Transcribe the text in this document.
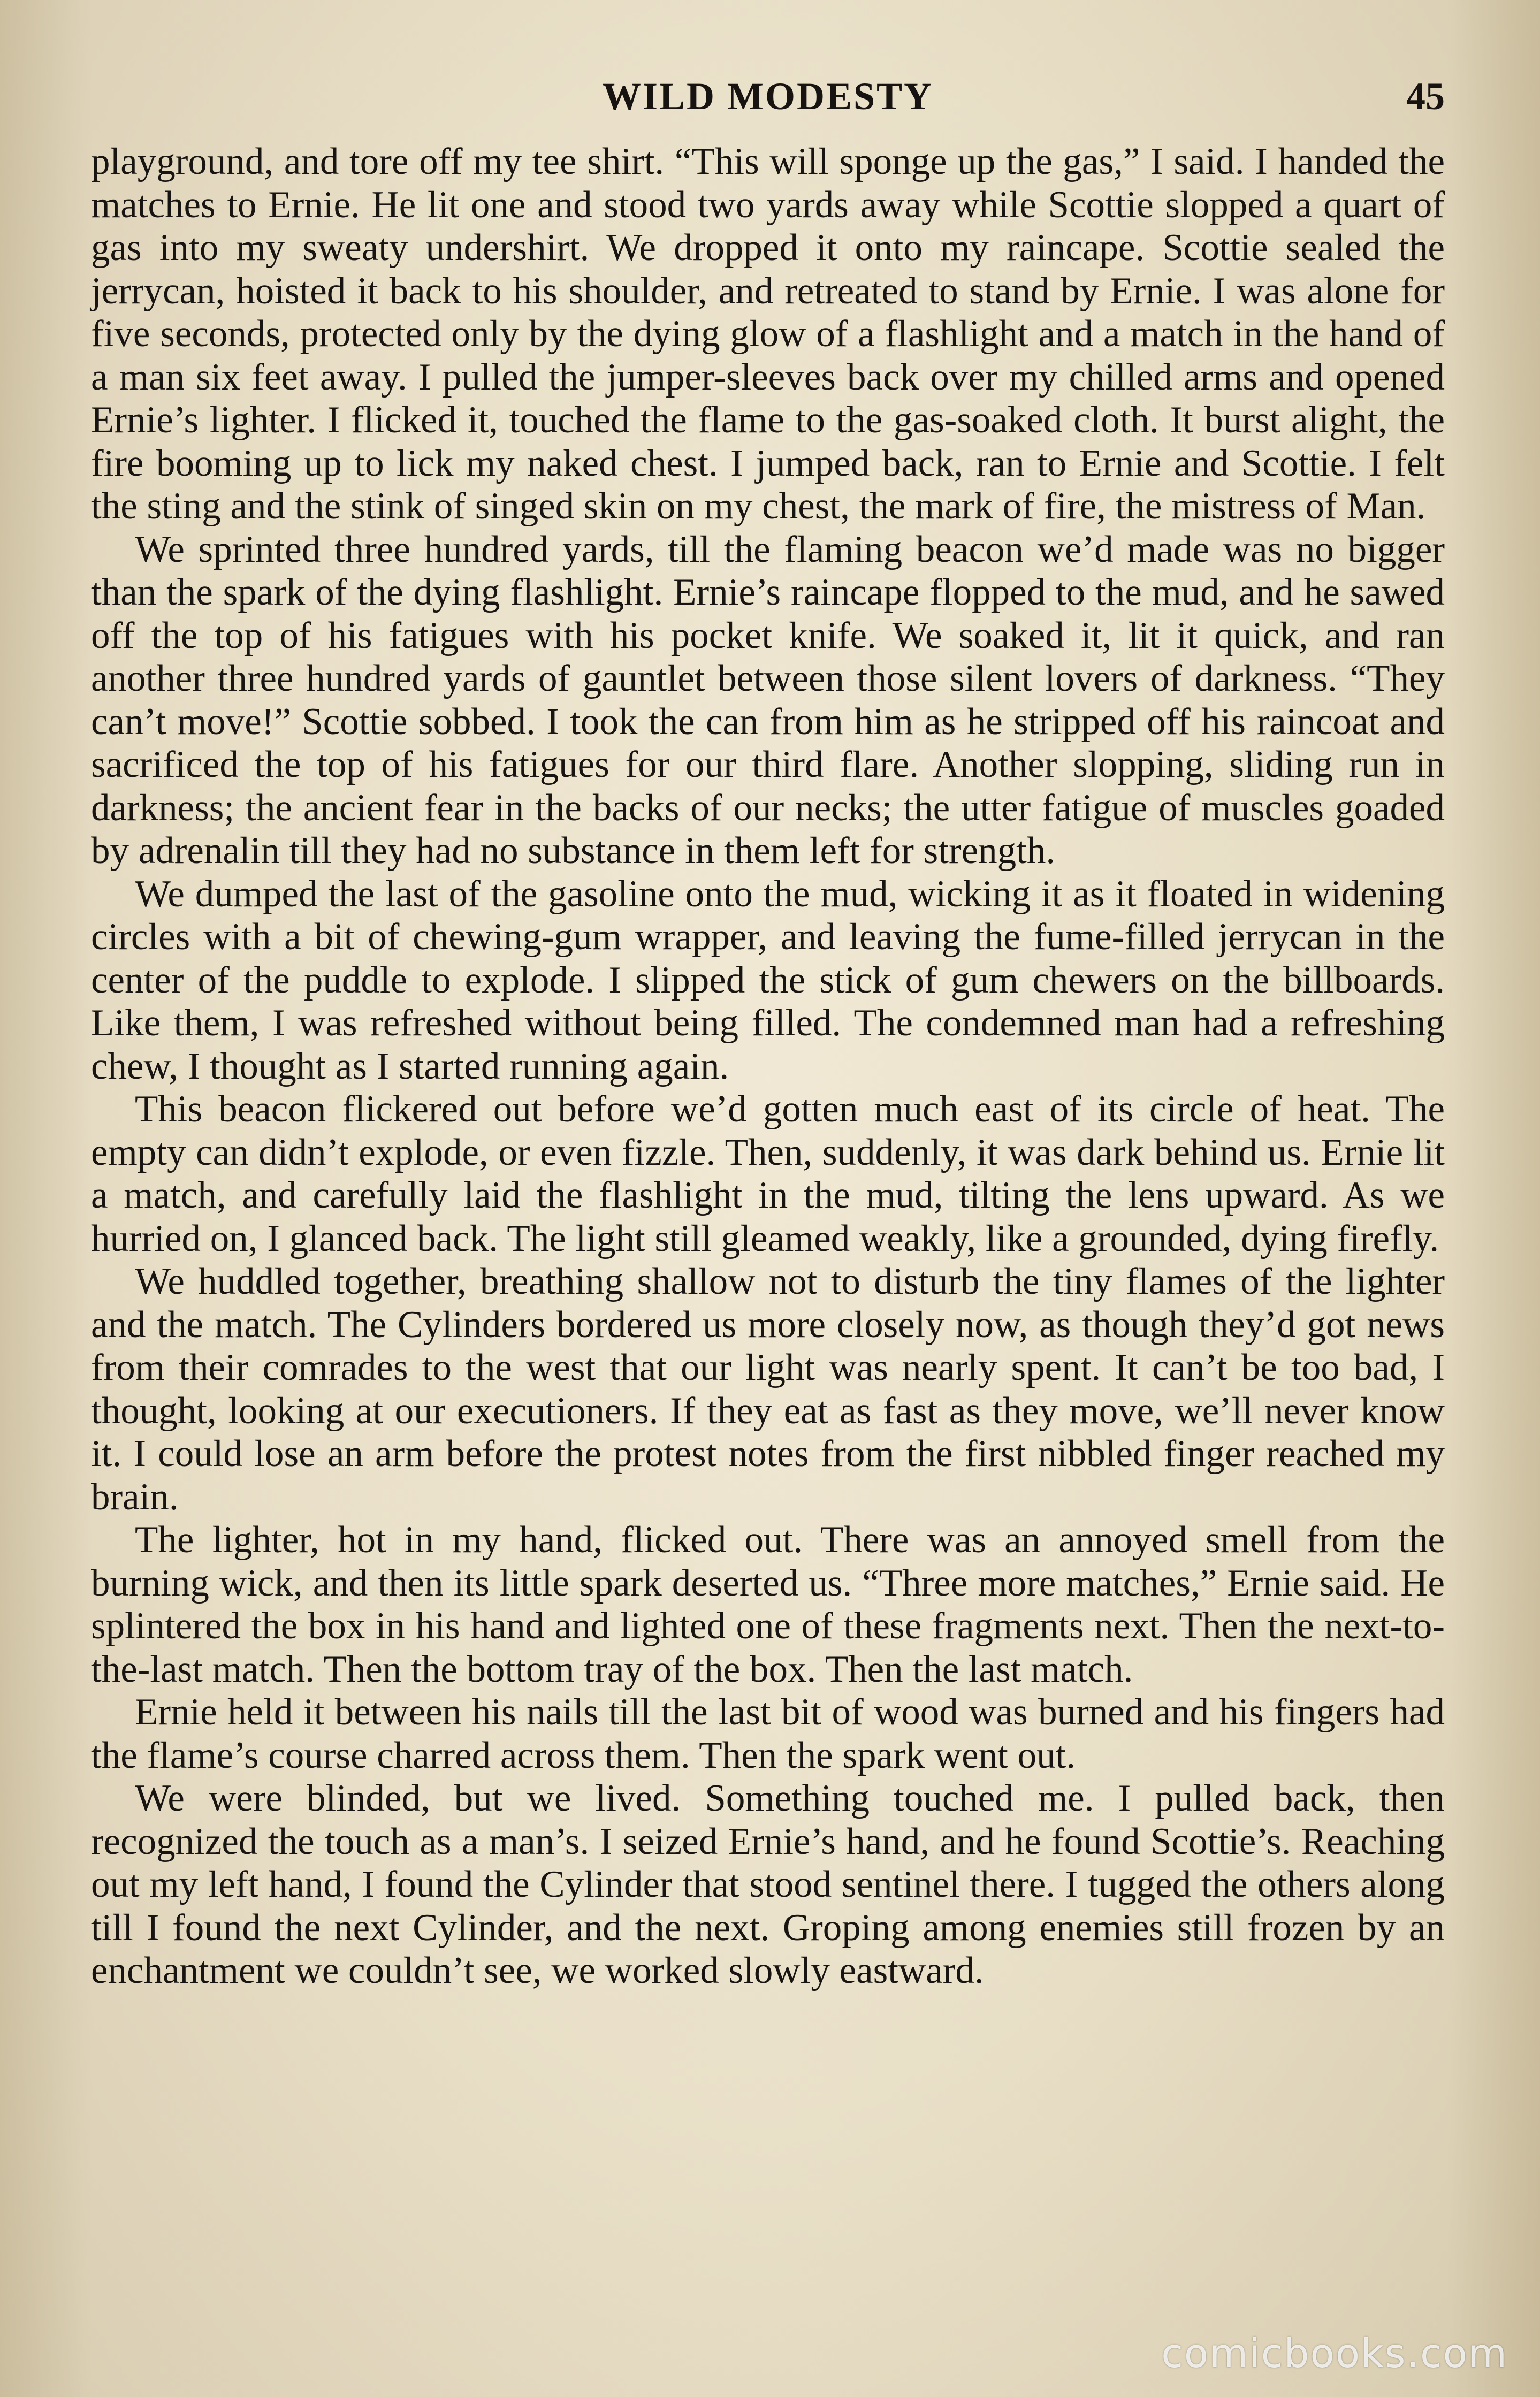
WILD MODESTY	45

playground, and tore off my tee shirt. “This will sponge up the gas,” I said. I handed the matches to Ernie. He lit one and stood two yards away while Scottie slopped a quart of gas into my sweaty undershirt. We dropped it onto my raincape. Scottie sealed the jerrycan, hoisted it back to his shoulder, and retreated to stand by Ernie. I was alone for five seconds, protected only by the dying glow of a flashlight and a match in the hand of a man six feet away. I pulled the jumper-sleeves back over my chilled arms and opened Ernie’s lighter. I flicked it, touched the flame to the gas-soaked cloth. It burst alight, the fire booming up to lick my naked chest. I jumped back, ran to Ernie and Scottie. I felt the sting and the stink of singed skin on my chest, the mark of fire, the mistress of Man.

We sprinted three hundred yards, till the flaming beacon we’d made was no bigger than the spark of the dying flashlight. Ernie’s raincape flopped to the mud, and he sawed off the top of his fatigues with his pocket knife. We soaked it, lit it quick, and ran another three hundred yards of gauntlet between those silent lovers of darkness. “They can’t move!” Scottie sobbed. I took the can from him as he stripped off his raincoat and sacrificed the top of his fatigues for our third flare. Another slopping, sliding run in darkness; the ancient fear in the backs of our necks; the utter fatigue of muscles goaded by adrenalin till they had no substance in them left for strength.

We dumped the last of the gasoline onto the mud, wicking it as it floated in widening circles with a bit of chewing-gum wrapper, and leaving the fume-filled jerrycan in the center of the puddle to explode. I slipped the stick of gum chewers on the billboards. Like them, I was refreshed without being filled. The condemned man had a refreshing chew, I thought as I started running again.

This beacon flickered out before we’d gotten much east of its circle of heat. The empty can didn’t explode, or even fizzle. Then, suddenly, it was dark behind us. Ernie lit a match, and carefully laid the flashlight in the mud, tilting the lens upward. As we hurried on, I glanced back. The light still gleamed weakly, like a grounded, dying firefly.

We huddled together, breathing shallow not to disturb the tiny flames of the lighter and the match. The Cylinders bordered us more closely now, as though they’d got news from their comrades to the west that our light was nearly spent. It can’t be too bad, I thought, looking at our executioners. If they eat as fast as they move, we’ll never know it. I could lose an arm before the protest notes from the first nibbled finger reached my brain.

The lighter, hot in my hand, flicked out. There was an annoyed smell from the burning wick, and then its little spark deserted us. “Three more matches,” Ernie said. He splintered the box in his hand and lighted one of these fragments next. Then the next-to-the-last match. Then the bottom tray of the box. Then the last match.

Ernie held it between his nails till the last bit of wood was burned and his fingers had the flame’s course charred across them. Then the spark went out.

We were blinded, but we lived. Something touched me. I pulled back, then recognized the touch as a man’s. I seized Ernie’s hand, and he found Scottie’s. Reaching out my left hand, I found the Cylinder that stood sentinel there. I tugged the others along till I found the next Cylinder, and the next. Groping among enemies still frozen by an enchantment we couldn’t see, we worked slowly eastward.

comicbooks.com
